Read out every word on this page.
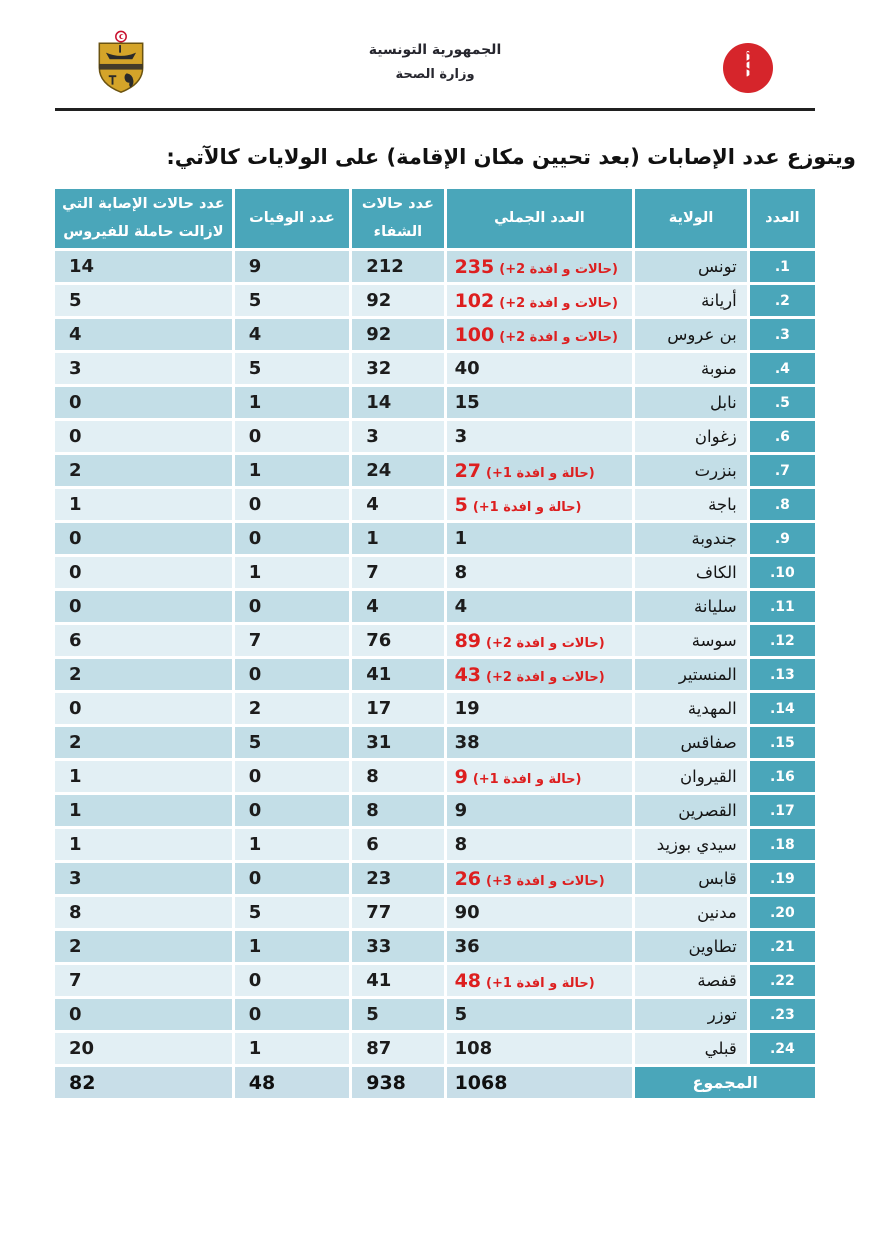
الجمهورية التونسية
وزارة الصحة
ويتوزع عدد الإصابات (بعد تحيين مكان الإقامة) على الولايات كالآتي:
العدد	الولاية	العدد الجملي	عدد حالات الشفاء	عدد الوفيات	عدد حالات الإصابة التي لازالت حاملة للفيروس
.1	تونس	235 (+2 حالات و افدة)	212	9	14
.2	أريانة	102 (+2 حالات و افدة)	92	5	5
.3	بن عروس	100 (+2 حالات و افدة)	92	4	4
.4	منوبة	40	32	5	3
.5	نابل	15	14	1	0
.6	زغوان	3	3	0	0
.7	بنزرت	27 (+1 حالة و افدة)	24	1	2
.8	باجة	5 (+1 حالة و افدة)	4	0	1
.9	جندوبة	1	1	0	0
.10	الكاف	8	7	1	0
.11	سليانة	4	4	0	0
.12	سوسة	89 (+2 حالات و افدة)	76	7	6
.13	المنستير	43 (+2 حالات و افدة)	41	0	2
.14	المهدية	19	17	2	0
.15	صفاقس	38	31	5	2
.16	القيروان	9 (+1 حالة و افدة)	8	0	1
.17	القصرين	9	8	0	1
.18	سيدي بوزيد	8	6	1	1
.19	قابس	26 (+3 حالات و افدة)	23	0	3
.20	مدنين	90	77	5	8
.21	تطاوين	36	33	1	2
.22	قفصة	48 (+1 حالة و افدة)	41	0	7
.23	توزر	5	5	0	0
.24	قبلي	108	87	1	20
المجموع		1068	938	48	82
